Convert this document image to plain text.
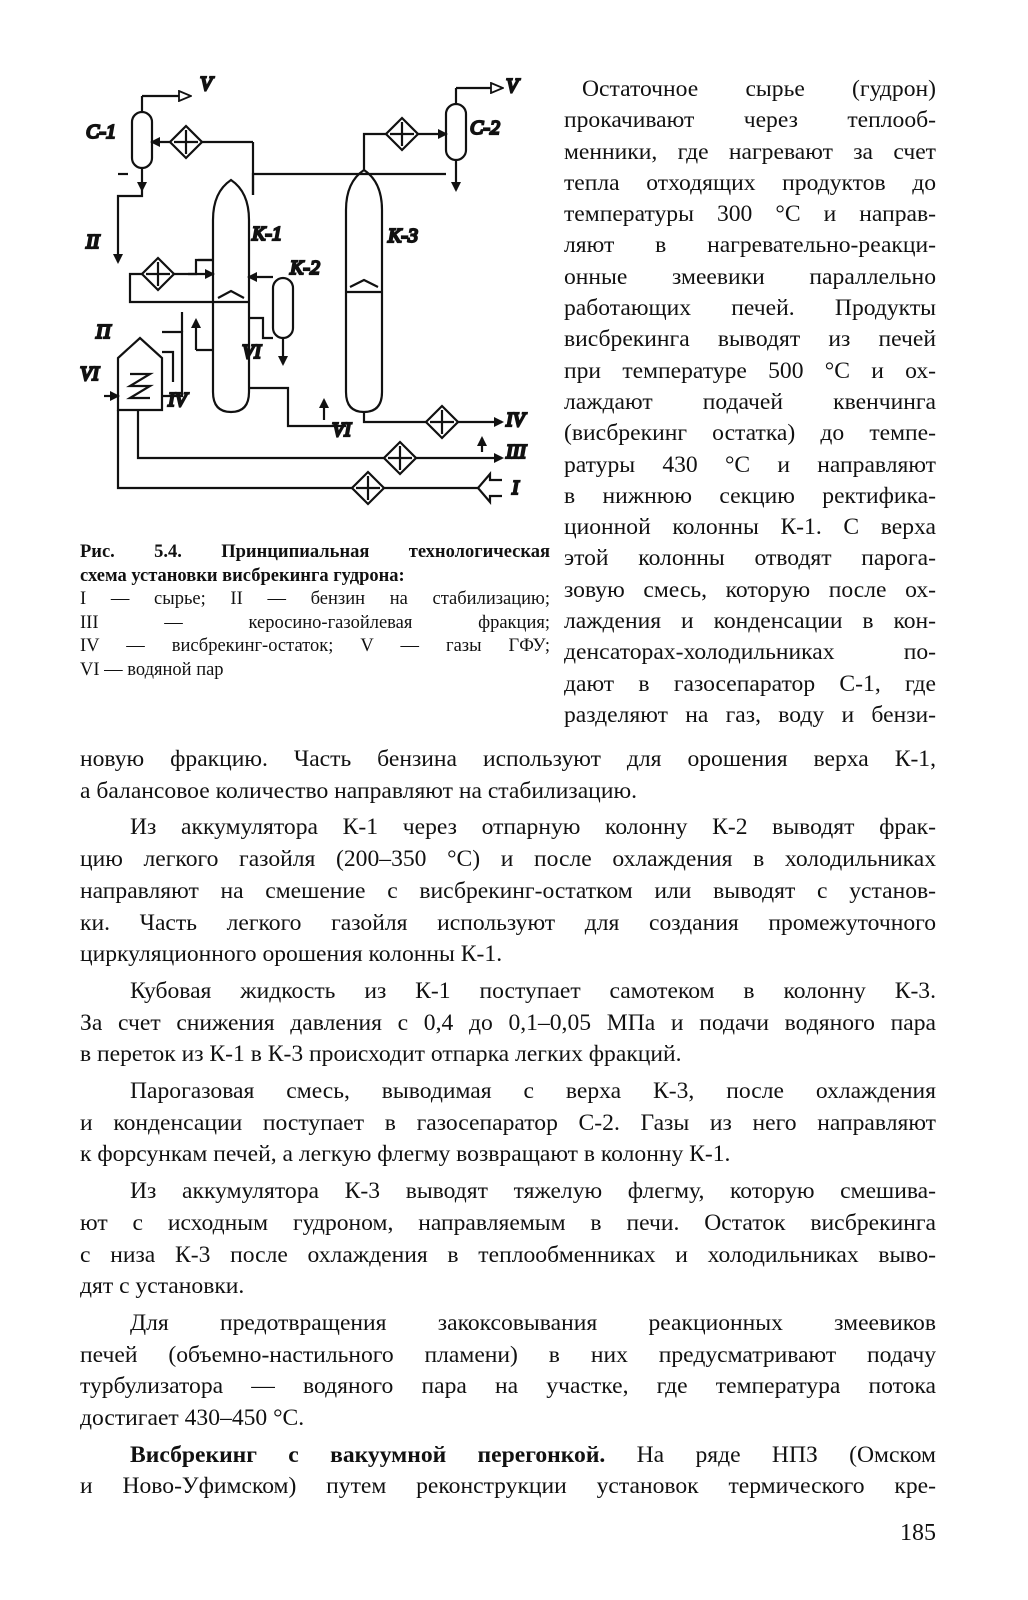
С-1	С-2
К-1
К-2
К-3
V	V
II
П
VI
IV
VI
VI	IV
III
I
Рис. 5.4. Принципиальная технологическая
схема установки висбрекинга гудрона:
I — сырье; II — бензин на стабилизацию;
III — керосино-газойлевая фракция;
IV — висбрекинг-остаток; V — газы ГФУ;
VI — водяной пар
Остаточное сырье (гудрон)
прокачивают через теплооб-
менники, где нагревают за счет
тепла отходящих продуктов до
температуры 300 °С и направ-
ляют в нагревательно-реакци-
онные змеевики параллельно
работающих печей. Продукты
висбрекинга выводят из печей
при температуре 500 °С и ох-
лаждают подачей квенчинга
(висбрекинг остатка) до темпе-
ратуры 430 °С и направляют
в нижнюю секцию ректифика-
ционной колонны К-1. С верха
этой колонны отводят парога-
зовую смесь, которую после ох-
лаждения и конденсации в кон-
денсаторах-холодильниках по-
дают в газосепаратор С-1, где
разделяют на газ, воду и бензи-
новую фракцию. Часть бензина используют для орошения верха К-1,
а балансовое количество направляют на стабилизацию.
Из аккумулятора К-1 через отпарную колонну К-2 выводят фрак-
цию легкого газойля (200–350 °С) и после охлаждения в холодильниках
направляют на смешение с висбрекинг-остатком или выводят с установ-
ки. Часть легкого газойля используют для создания промежуточного
циркуляционного орошения колонны К-1.
Кубовая жидкость из К-1 поступает самотеком в колонну К-3.
За счет снижения давления с 0,4 до 0,1–0,05 МПа и подачи водяного пара
в переток из К-1 в К-3 происходит отпарка легких фракций.
Парогазовая смесь, выводимая с верха К-3, после охлаждения
и конденсации поступает в газосепаратор С-2. Газы из него направляют
к форсункам печей, а легкую флегму возвращают в колонну К-1.
Из аккумулятора К-3 выводят тяжелую флегму, которую смешива-
ют с исходным гудроном, направляемым в печи. Остаток висбрекинга
с низа К-3 после охлаждения в теплообменниках и холодильниках выво-
дят с установки.
Для предотвращения закоксовывания реакционных змеевиков
печей (объемно-настильного пламени) в них предусматривают подачу
турбулизатора — водяного пара на участке, где температура потока
достигает 430–450 °С.
Висбрекинг с вакуумной перегонкой. На ряде НПЗ (Омском
и Ново-Уфимском) путем реконструкции установок термического кре-
185
